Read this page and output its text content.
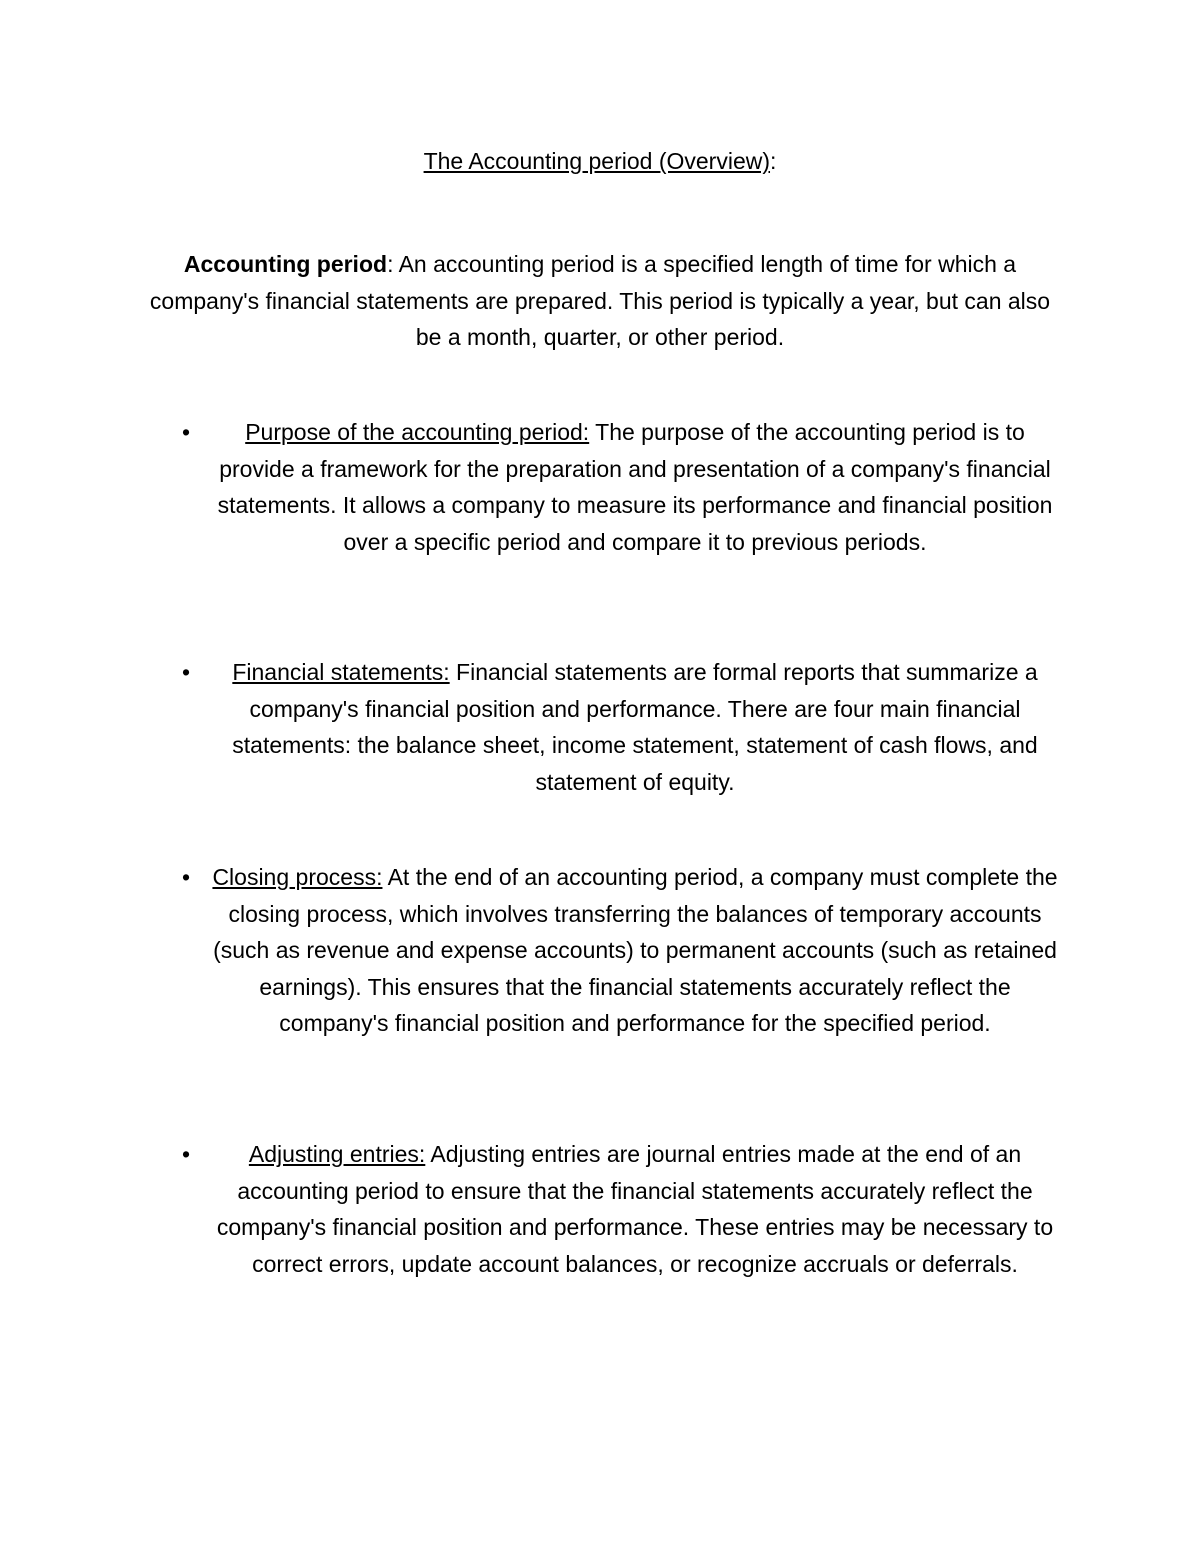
The Accounting period (Overview):
Accounting period: An accounting period is a specified length of time for which a company's financial statements are prepared. This period is typically a year, but can also be a month, quarter, or other period.
•	Purpose of the accounting period: The purpose of the accounting period is to provide a framework for the preparation and presentation of a company's financial statements. It allows a company to measure its performance and financial position over a specific period and compare it to previous periods.
•	Financial statements: Financial statements are formal reports that summarize a company's financial position and performance. There are four main financial statements: the balance sheet, income statement, statement of cash flows, and statement of equity.
• Closing process: At the end of an accounting period, a company must complete the closing process, which involves transferring the balances of temporary accounts (such as revenue and expense accounts) to permanent accounts (such as retained earnings). This ensures that the financial statements accurately reflect the company's financial position and performance for the specified period.
•	Adjusting entries: Adjusting entries are journal entries made at the end of an accounting period to ensure that the financial statements accurately reflect the company's financial position and performance. These entries may be necessary to correct errors, update account balances, or recognize accruals or deferrals.
